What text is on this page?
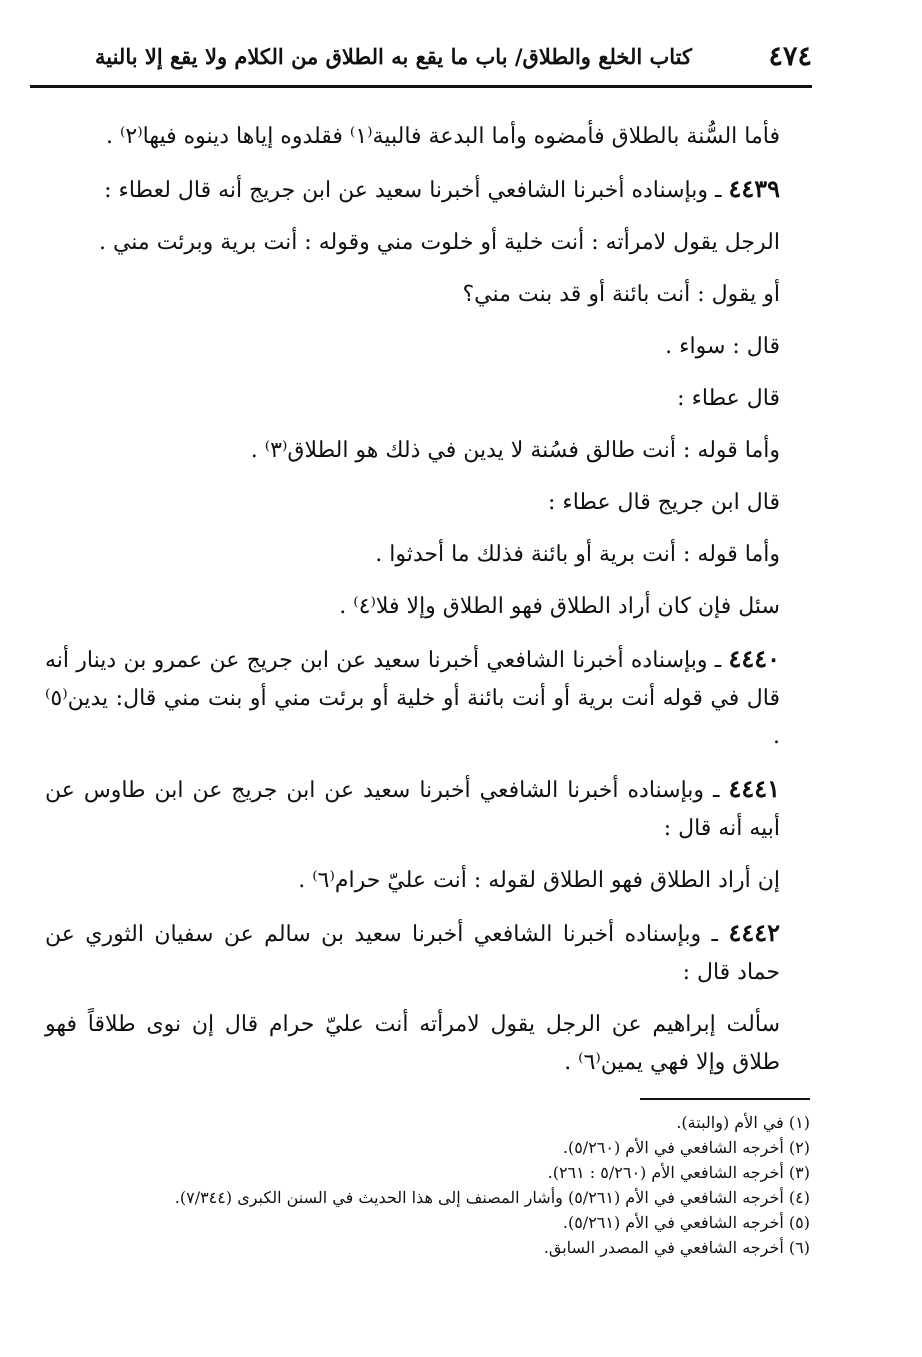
٤٧٤
كتاب الخلع والطلاق/ باب ما يقع به الطلاق من الكلام ولا يقع إلا بالنية

فأما السُّنة بالطلاق فأمضوه وأما البدعة فالبية⁽١⁾ فقلدوه إياها دينوه فيها⁽٢⁾ .

٤٤٣٩ ـ وبإسناده أخبرنا الشافعي أخبرنا سعيد عن ابن جريج أنه قال لعطاء :

الرجل يقول لامرأته : أنت خلية أو خلوت مني وقوله : أنت برية وبرئت مني .

أو يقول : أنت بائنة أو قد بنت مني؟

قال : سواء .

قال عطاء :

وأما قوله : أنت طالق فسُنة لا يدين في ذلك هو الطلاق⁽٣⁾ .

قال ابن جريج قال عطاء :

وأما قوله : أنت برية أو بائنة فذلك ما أحدثوا .

سئل فإن كان أراد الطلاق فهو الطلاق وإلا فلا⁽٤⁾ .

٤٤٤٠ ـ وبإسناده أخبرنا الشافعي أخبرنا سعيد عن ابن جريج عن عمرو بن دينار أنه قال في قوله أنت برية أو أنت بائنة أو خلية أو برئت مني أو بنت مني قال: يدين⁽٥⁾ .

٤٤٤١ ـ وبإسناده أخبرنا الشافعي أخبرنا سعيد عن ابن جريج عن ابن طاوس عن أبيه أنه قال :

إن أراد الطلاق فهو الطلاق لقوله : أنت عليّ حرام⁽٦⁾ .

٤٤٤٢ ـ وبإسناده أخبرنا الشافعي أخبرنا سعيد بن سالم عن سفيان الثوري عن حماد قال :

سألت إبراهيم عن الرجل يقول لامرأته أنت عليّ حرام قال إن نوى طلاقاً فهو طلاق وإلا فهي يمين⁽٦⁾ .

(١) في الأم (والبتة).
(٢) أخرجه الشافعي في الأم (٥/٢٦٠).
(٣) أخرجه الشافعي الأم (٥/٢٦٠ : ٢٦١).
(٤) أخرجه الشافعي في الأم (٥/٢٦١) وأشار المصنف إلى هذا الحديث في السنن الكبرى (٧/٣٤٤).
(٥) أخرجه الشافعي في الأم (٥/٢٦١).
(٦) أخرجه الشافعي في المصدر السابق.
